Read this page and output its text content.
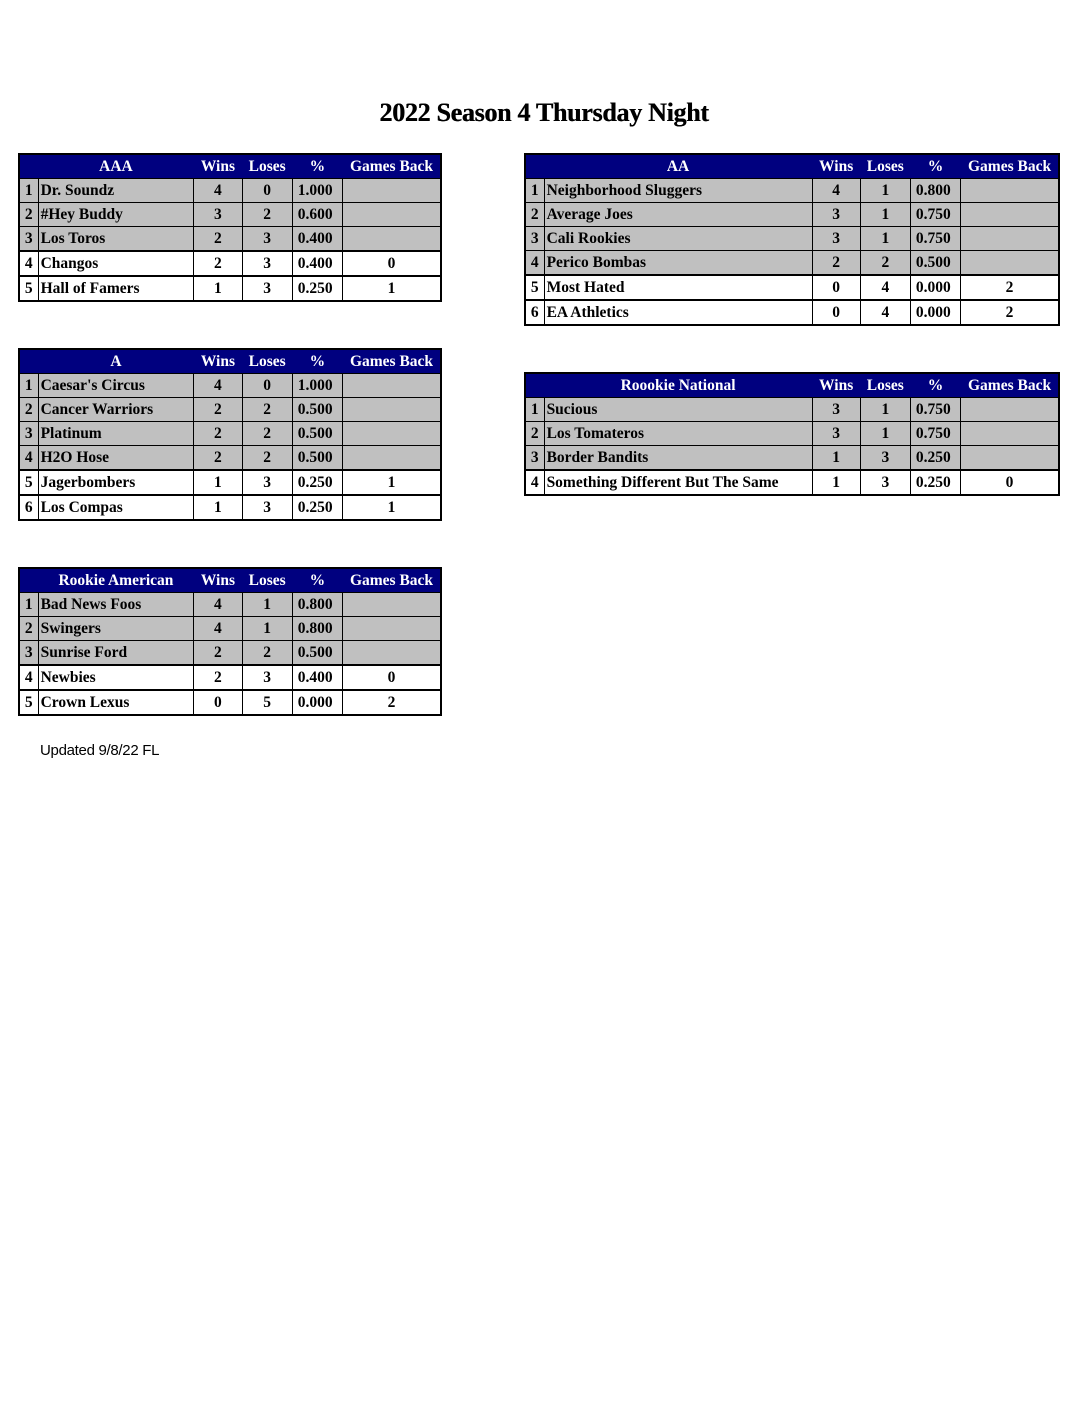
2022 Season 4 Thursday Night
	AAA	Wins	Loses	%	Games Back
1	Dr. Soundz	4	0	1.000	
2	#Hey Buddy	3	2	0.600	
3	Los Toros	2	3	0.400	
4	Changos	2	3	0.400	0
5	Hall of Famers	1	3	0.250	1
	AA	Wins	Loses	%	Games Back
1	Neighborhood Sluggers	4	1	0.800	
2	Average Joes	3	1	0.750	
3	Cali Rookies	3	1	0.750	
4	Perico Bombas	2	2	0.500	
5	Most Hated	0	4	0.000	2
6	EA Athletics	0	4	0.000	2
	A	Wins	Loses	%	Games Back
1	Caesar's Circus	4	0	1.000	
2	Cancer Warriors	2	2	0.500	
3	Platinum	2	2	0.500	
4	H2O Hose	2	2	0.500	
5	Jagerbombers	1	3	0.250	1
6	Los Compas	1	3	0.250	1
	Roookie National	Wins	Loses	%	Games Back
1	Sucious	3	1	0.750	
2	Los Tomateros	3	1	0.750	
3	Border Bandits	1	3	0.250	
4	Something Different But The Same	1	3	0.250	0
	Rookie American	Wins	Loses	%	Games Back
1	Bad News Foos	4	1	0.800	
2	Swingers	4	1	0.800	
3	Sunrise Ford	2	2	0.500	
4	Newbies	2	3	0.400	0
5	Crown Lexus	0	5	0.000	2
Updated 9/8/22 FL
